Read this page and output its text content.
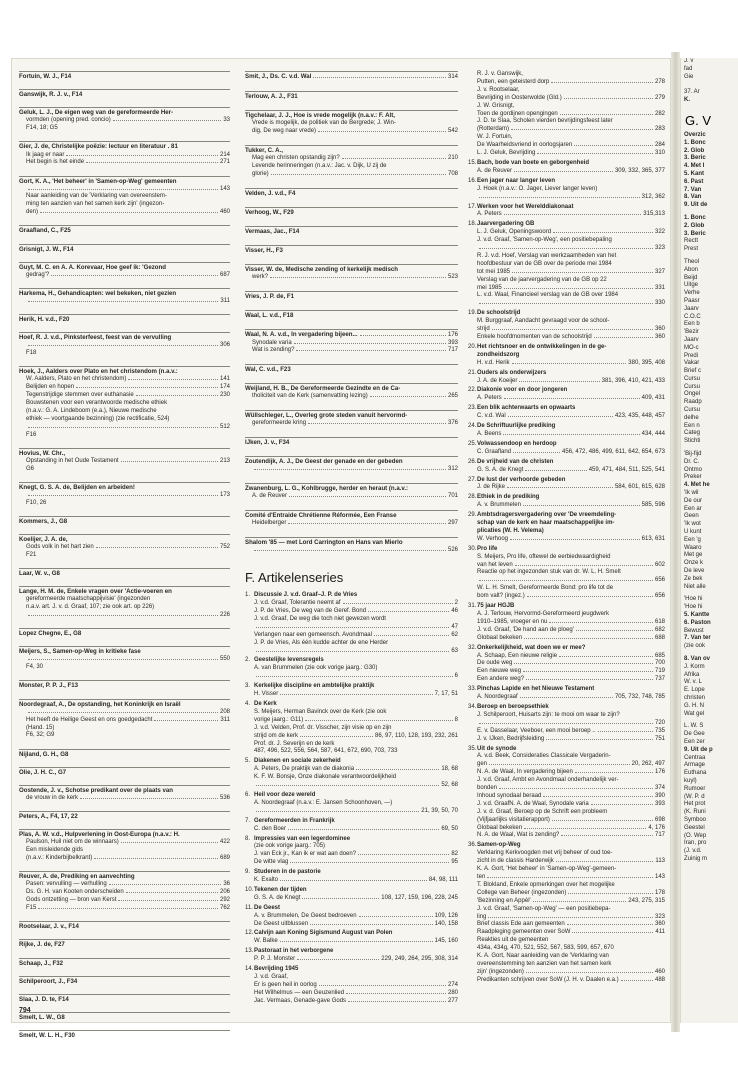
Fortuin, W. J., F14
Ganswijk, R. J. v., F14
Geluk, L. J., De eigen weg van de gereformeerde Her-
vormden (opening pred. concio)	33
F14, 18; G5
Gier, J. de, Christelijke poëzie: lectuur en literatuur . 81
Ik jaag er naar	214
Het begin is het einde	271
Gort, K. A., 'Het beheer' in 'Samen-op-Weg' gemeenten
143
Naar aanleiding van de 'Verklaring van overeenstem-
ming ten aanzien van het samen kerk zijn' (ingezon-
den)	460
Graafland, C., F25
Grisnigt, J. W., F14
Guyt, M. C. en A. A. Korevaar, Hoe geef ik: 'Gezond
gedrag'?	687
Harkema, H., Gehandicapten: wel bekeken, niet gezien
311
Herik, H. v.d., F20
Hoef, R. J. v.d., Pinksterfeest, feest van de vervulling
306
F18
Hoek, J., Aalders over Plato en het christendom (n.a.v.:
W. Aalders, Plato en het christendom)	141
Belijden en hopen	174
Tegenstrijdige stemmen over euthanasie	230
Bouwstenen voor een verantwoorde medische ethiek
(n.a.v.: G. A. Lindeboom (e.a.), Nieuwe medische
ethiek — voortgaande bezinning) (zie rectificatie, 524)
512
F16
Hovius, W. Chr.,
Opstanding in het Oude Testament	213
G6
Knegt, G. S. A. de, Belijden en arbeiden!
173
F10, 26
Kommers, J., G8
Koelijer, J. A. de,
Gods volk in het hart zien	752
F21
Laar, W. v., G8
Lange, H. M. de, Enkele vragen over 'Actie-voeren en
gereformeerde maatschappijvisie' (ingezonden
n.a.v. art. J. v. d. Graaf, 107; zie ook art. op 226)
226
Lopez Chegne, E., G8
Meijers, S., Samen-op-Weg in kritieke fase
550
F4, 30
Monster, P. P. J., F13
Noordegraaf, A., De opstanding, het Koninkrijk en Israël
208
Het heeft de Heilige Geest en ons goedgedacht	311
(Hand. 15)
F6, 32; G9
Nijland, G. H., G8
Olie, J. H. C., G7
Oostende, J. v., Schotse predikant over de plaats van
de vrouw in de kerk	536
Peters, A., F4, 17, 22
Plas, A. W. v.d., Hulpverlening in Oost-Europa (n.a.v.: H.
Paulson, Huil niet om de winnaars)	422
Een misleidende gids
(n.a.v.: Kinderbijbelkrant)	689
Reuver, A. de, Prediking en aanvechting
Pasen: vervulling — verhulling	36
Ds. G. H. van Kooten onderscheiden	206
Gods ontzetting — bron van Kerst	292
F15	762
Rootselaar, J. v., F14
Rijke, J. de, F27
Schaap, J., F32
Schilperoort, J., F34
Slaa, J. D. te, F14
Smelt, L. W., G8
Smelt, W. L. H., F30
Smit, J., Ds. C. v.d. Wal	314
Terlouw, A. J., F31
Tigchelaar, J. J., Hoe is vrede mogelijk (n.a.v.: F. Alt,
Vrede is mogelijk, de politiek van de Bergrede; J. Win-
dig, De weg naar vrede)	542
Tukker, C. A.,
Mag een christen opstandig zijn?	210
Levende herinneringen (n.a.v.: Jac. v. Dijk, U zij de
glorie)	708
Velden, J. v.d., F4
Verhoog, W., F29
Vermaas, Jac., F14
Visser, H., F3
Visser, W. de, Medische zending of kerkelijk medisch
werk?	523
Vries, J. P. de, F1
Waal, L. v.d., F18
Waal, N. A. v.d., In vergadering bijeen...	176
Synodale varia	393
Wat is zending?	717
Wal, C. v.d., F23
Weijland, H. B., De Gereformeerde Gezindte en de Ca-
tholiciteit van de Kerk (samenvatting lezing)	265
Wüllschleger, L., Overleg grote steden vanuit hervormd-
gereformeerde kring	376
IJken, J. v., F34
Zoutendijk, A. J., De Geest der genade en der gebeden
312
Zwanenburg, L. G., Kohlbrugge, herder en heraut (n.a.v.:
A. de Reuver	701
Comité d'Entraide Chrétienne Réformée, Een Franse
Heidelberger	297
Shalom '85 — met Lord Carrington en Hans van Mierlo
526
F. Artikelenseries
1. Discussie J. v.d. Graaf–J. P. de Vries
J. v.d. Graaf, Tolerantie neemt af	2
J. P. de Vries, De weg van de Geref. Bond	46
J. v.d. Graaf, De weg die toch niet gewezen wordt
47
Verlangen naar een gemeensch. Avondmaal	62
J. P. de Vries, Als één kudde achter de ene Herder
63
2. Geestelijke levensregels
A. van Brummelen (zie ook vorige jaarg.: G30)
6
3. Kerkelijke discipline en ambtelijke praktijk
H. Visser	7, 17, 51
4. De Kerk
S. Meijers, Herman Bavinck over de Kerk (zie ook
vorige jaarg.: G11)	8
J. v.d. Velden, Prof. dr. Visscher, zijn visie op en zijn
strijd om de kerk	86, 97, 110, 128, 193, 232, 261
Prof. dr. J. Severijn en de kerk
487, 496, 522, 556, 564, 587, 641, 672, 690, 703, 733
5. Diakenen en sociale zekerheid
A. Peters, De praktijk van de diakonia	18, 68
K. F. W. Bonsje, Onze diakonale verantwoordelijkheid
52, 68
6. Heil voor deze wereld
A. Noordegraaf (n.a.v.: E. Jansen Schoonhoven, —)
21, 39, 50, 70
7. Gereformeerden in Frankrijk
C. den Boer	69, 50
8. Impressies van een legerdominee
(zie ook vorige jaarg.: 705)
J. van Eck jr., Kan ik er wat aan doen?	82
De witte vlag	95
9. Studeren in de pastorie
K. Exalto	84, 98, 111
10.Tekenen der tijden
G. S. A. de Knegt	108, 127, 159, 196, 228, 245
11.De Geest
A. v. Brummelen, De Geest bedroeven	109, 126
De Geest uitblussen	140, 158
12.Calvijn aan Koning Sigismund August van Polen
W. Balke	145, 160
13.Pastoraat in het verborgene
P. P. J. Monster	229, 249, 264, 295, 308, 314
14.Bevrijding 1945
J. v.d. Graaf,
Er is geen heil in oorlog	274
Het Wilhelmus — een Geuzenlied	280
Jac. Vermaas, Genade-gave Gods	277
R. J. v. Ganswijk,
Putten, een geteisterd dorp	278
J. v. Rootselaar,
Bevrijding in Oosterwolde (Gld.)	279
J. W. Grisnigt,
Toen de gordijnen opengingen	282
J. D. te Slaa, Scholen vierden bevrijdingsfeest later
(Rotterdam)	283
W. J. Fortuin,
De Waarheidsvriend in oorlogsjaren	284
L. J. Geluk, Bevrijding	310
15.Bach, bode van boete en geborgenheid
A. de Reuver	309, 332, 365, 377
16.Een jager naar langer leven
J. Hoek (n.a.v.: O. Jager, Liever langer leven)
312, 362
17.Werken voor het Werelddiakonaat
A. Peters	315,313
18.Jaarvergadering GB
L. J. Geluk, Openingswoord	322
J. v.d. Graaf, 'Samen-op-Weg', een positiebepaling
323
R. J. v.d. Hoef, Verslag van werkzaamheden van het
hoofdbestuur van de GB over de periode mei 1984
tot mei 1985	327
Verslag van de jaarvergadering van de GB op 22
mei 1985	331
L. v.d. Waal, Financieel verslag van de GB over 1984
330
19.De schoolstrijd
M. Burggraaf, Aandacht gevraagd voor de school-
strijd	360
Enkele hoofdmomenten van de schoolstrijd	360
20.Het richtsnoer en de ontwikkelingen in de ge-
zondheidszorg
H. v.d. Herik	380, 395, 408
21.Ouders als onderwijzers
J. A. de Koeijer	381, 396, 410, 421, 433
22.Diakonie voor en door jongeren
A. Peters	409, 431
23.Een blik achterwaarts en opwaarts
C. v.d. Wal	423, 435, 448, 457
24.De Schriftuurlijke prediking
A. Beens	434, 444
25.Volwassendoop en herdoop
C. Graafland	456, 472, 486, 499, 611, 642, 654, 673
26.De vrijheid van de christen
G. S. A. de Knegt	459, 471, 484, 511, 525, 541
27.De lust der verhoorde gebeden
J. de Rijke	584, 601, 615, 628
28.Ethiek in de prediking
A. v. Brummelen	585, 596
29.Ambtsdragersvergadering over 'De vreemdeling-
schap van de kerk en haar maatschappelijke im-
plicaties (W. H. Velema)
W. Verhoog	613, 631
30.Pro life
S. Meijers, Pro life, oftewel de eerbiedwaardigheid
van het leven	602
Reactie op het ingezonden stuk van dr. W. L. H. Smelt
656
W. L. H. Smelt, Gereformeerde Bond: pro life tot de
bom valt? (ingez.)	656
31.75 jaar HGJB
A. J. Terlouw, Hervormd-Gereformeerd jeugdwerk
1910–1985, vroeger en nu	618
J. v.d. Graaf, 'De hand aan de ploeg'	682
Globaal bekeken	688
32.Onkerkelijkheid, wat doen we er mee?
A. Schaap, Een nieuwe religie	685
De oude weg	700
Een nieuwe weg	719
Een andere weg?	737
33.Pinchas Lapide en het Nieuwe Testament
A. Noordegraaf	705, 732, 748, 785
34.Beroep en beroepsethiek
J. Schilperoort, Huisarts zijn: te mooi om waar te zijn?
720
E. v. Dasselaar, Veeboer, een mooi beroep ..	735
J. v. IJken, Bedrijfsleiding	751
35.Uit de synode
A. v.d. Beek, Consideraties Classicale Vergaderin-
gen	20, 262, 497
N. A. de Waal, In vergadering bijeen	176
J. v.d. Graaf, Ambt en Avondmaal onderhandelijk ver-
bonden	374
Inhoud synodaal beraad	390
J. v.d. GraafN. A. de Waal, Synodale varia	393
J. v. d. Graaf, Beroep op de Schrift een probleem
(Vijfjaarlijks visitatierapport)	698
Globaal bekeken	4, 176
N. A. de Waal, Wat is zending?	717
36.Samen-op-Weg
Verklaring Kerkvoogden met vrij beheer of oud toe-
zicht in de classis Harderwijk	113
K. A. Gort, 'Het beheer' in 'Samen-op-Weg'-gemeen-
ten	143
T. Blokland, Enkele opmerkingen over het mogelijke
College van Beheer (ingezonden)	178
'Bezinning en Appèl'	243, 275, 315
J. v.d. Graaf, 'Samen-op-Weg' — een positiebepa-
ling	323
Brief classis Ede aan gemeenten	360
Raadpleging gemeenten over SoW	411
Reakties uit de gemeenten
434a, 434g, 470, 521, 552, 567, 583, 599, 657, 670
K. A. Gort, Naar aanleiding van de 'Verklaring van
overeenstemming ten aanzien van het samen kerk
zijn' (ingezonden)	460
Predikanten schrijven over SoW (J. H. v. Daalen e.a.)	488
794
J. v
fad
Gie
37. Ar
K.
G. V
Overzic
1. Bonc
2. Glob
3. Beric
4. Met I
5. Kant
6. Past
7. Van
8. Van
9. Uit de
1. Bonc
2. Glob
3. Beric
Rectt
Prest
Theol
Abon
Beijd
Uitge
Verhe
Paasr
Jaarv
C.O.C
Een b
'Bezir
Jaarv
MO-c
Predi
Vakar
Brief c
Cursu
Cursu
Ongel
Raadp
Cursu
delhe
Een n
Categ
Stichti
'Bij-fijd
Dr. C.
Ontmo
Preker
4. Met he
'Ik wil
De our
Een ar
Geen
'Ik wot
U kunt
Een 'g
Waaro
Met ge
Onze k
De leve
Ze bek
Niet alle
'Hoe hi
'Hoe hi
5. Kantte
6. Paston
Bewust
7. Van ter
(zie ook
8. Van ov
J. Korm
Afrika
W. v. L
E. Lope
christen
G. H. N
Wat gel
L. W. S
De Gee
Een zer
9. Uit de p
Centraa
Armage
Euthana
kuyl)
Rumoer
(W. P. d
Het prot
(K. Runi
Symboo
Geestel
(O. Wep
Iran, pro
(J. v.d.
Zuinig m
